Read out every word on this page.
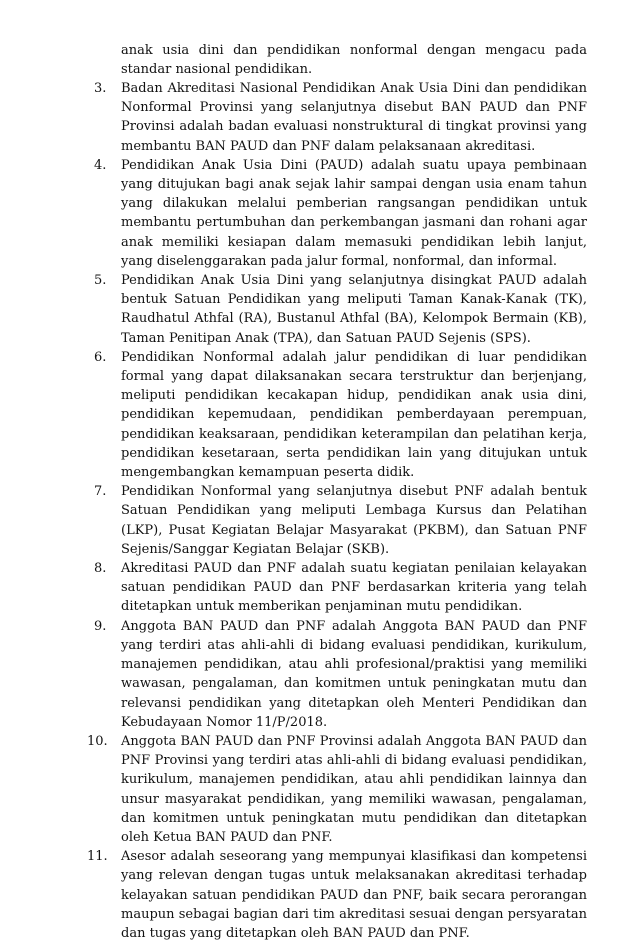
anak usia dini dan pendidikan nonformal dengan mengacu pada standar nasional pendidikan.

3.	Badan Akreditasi Nasional Pendidikan Anak Usia Dini dan pendidikan Nonformal Provinsi yang selanjutnya disebut BAN PAUD dan PNF Provinsi adalah badan evaluasi nonstruktural di tingkat provinsi yang membantu BAN PAUD dan PNF dalam pelaksanaan akreditasi.
4.	Pendidikan Anak Usia Dini (PAUD) adalah suatu upaya pembinaan yang ditujukan bagi anak sejak lahir sampai dengan usia enam tahun yang dilakukan melalui pemberian rangsangan pendidikan untuk membantu pertumbuhan dan perkembangan jasmani dan rohani agar anak memiliki kesiapan dalam memasuki pendidikan lebih lanjut, yang diselenggarakan pada jalur formal, nonformal, dan informal.
5.	Pendidikan Anak Usia Dini yang selanjutnya disingkat PAUD adalah bentuk Satuan Pendidikan yang meliputi Taman Kanak-Kanak (TK), Raudhatul Athfal (RA), Bustanul Athfal (BA), Kelompok Bermain (KB), Taman Penitipan Anak (TPA), dan Satuan PAUD Sejenis (SPS).
6.	Pendidikan Nonformal adalah jalur pendidikan di luar pendidikan formal yang dapat dilaksanakan secara terstruktur dan berjenjang, meliputi pendidikan kecakapan hidup, pendidikan anak usia dini, pendidikan kepemudaan, pendidikan pemberdayaan perempuan, pendidikan keaksaraan, pendidikan keterampilan dan pelatihan kerja, pendidikan kesetaraan, serta pendidikan lain yang ditujukan untuk mengembangkan kemampuan peserta didik.
7.	Pendidikan Nonformal yang selanjutnya disebut PNF adalah bentuk Satuan Pendidikan yang meliputi Lembaga Kursus dan Pelatihan (LKP), Pusat Kegiatan Belajar Masyarakat (PKBM), dan Satuan PNF Sejenis/Sanggar Kegiatan Belajar (SKB).
8.	Akreditasi PAUD dan PNF adalah suatu kegiatan penilaian kelayakan satuan pendidikan PAUD dan PNF berdasarkan kriteria yang telah ditetapkan untuk memberikan penjaminan mutu pendidikan.
9.	Anggota BAN PAUD dan PNF adalah Anggota BAN PAUD dan PNF yang terdiri atas ahli-ahli di bidang evaluasi pendidikan, kurikulum, manajemen pendidikan, atau ahli profesional/praktisi yang memiliki wawasan, pengalaman, dan komitmen untuk peningkatan mutu dan relevansi pendidikan yang ditetapkan oleh Menteri Pendidikan dan Kebudayaan Nomor 11/P/2018.
10. Anggota BAN PAUD dan PNF Provinsi adalah Anggota BAN PAUD dan PNF Provinsi yang terdiri atas ahli-ahli di bidang evaluasi pendidikan, kurikulum, manajemen pendidikan, atau ahli pendidikan lainnya dan unsur masyarakat pendidikan, yang memiliki wawasan, pengalaman, dan komitmen untuk peningkatan mutu pendidikan dan ditetapkan oleh Ketua BAN PAUD dan PNF.
11. Asesor adalah seseorang yang mempunyai klasifikasi dan kompetensi yang relevan dengan tugas untuk melaksanakan akreditasi terhadap kelayakan satuan pendidikan PAUD dan PNF, baik secara perorangan maupun sebagai bagian dari tim akreditasi sesuai dengan persyaratan dan tugas yang ditetapkan oleh BAN PAUD dan PNF.
